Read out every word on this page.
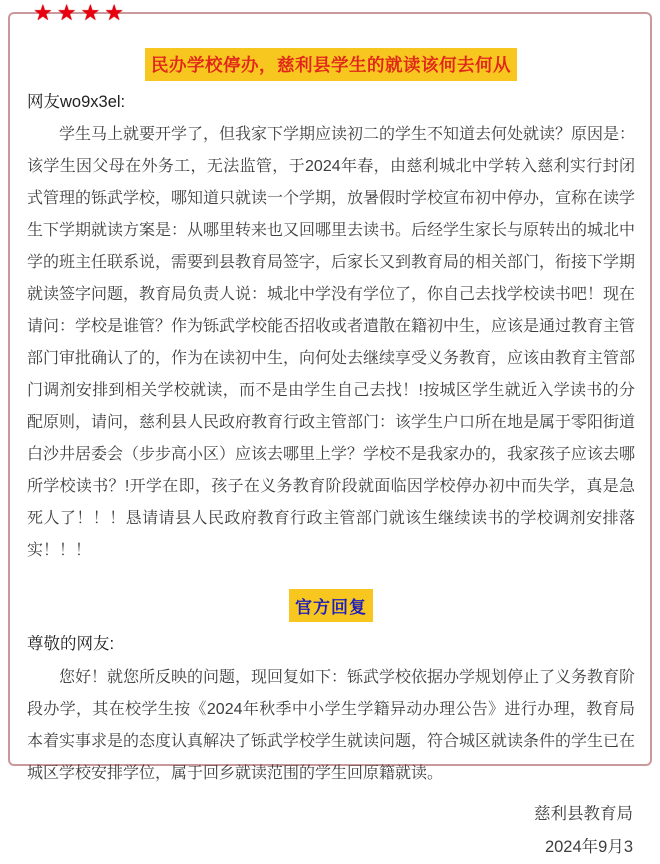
★★★★
民办学校停办，慈利县学生的就读该何去何从
网友wo9x3el:

学生马上就要开学了，但我家下学期应读初二的学生不知道去何处就读？原因是：该学生因父母在外务工，无法监管，于2024年春，由慈利城北中学转入慈利实行封闭式管理的铄武学校，哪知道只就读一个学期，放暑假时学校宣布初中停办，宣称在读学生下学期就读方案是：从哪里转来也又回哪里去读书。后经学生家长与原转出的城北中学的班主任联系说，需要到县教育局签字，后家长又到教育局的相关部门，衔接下学期就读签字问题，教育局负责人说：城北中学没有学位了，你自己去找学校读书吧！现在请问：学校是谁管？作为铄武学校能否招收或者遣散在籍初中生，应该是通过教育主管部门审批确认了的，作为在读初中生，向何处去继续享受义务教育，应该由教育主管部门调剂安排到相关学校就读，而不是由学生自己去找！!按城区学生就近入学读书的分配原则，请问，慈利县人民政府教育行政主管部门：该学生户口所在地是属于零阳街道白沙井居委会（步步高小区）应该去哪里上学？学校不是我家办的，我家孩子应该去哪所学校读书？!开学在即，孩子在义务教育阶段就面临因学校停办初中而失学，真是急死人了！！！恳请请县人民政府教育行政主管部门就该生继续读书的学校调剂安排落实！！！

官方回复
尊敬的网友:

您好！就您所反映的问题，现回复如下：铄武学校依据办学规划停止了义务教育阶段办学，其在校学生按《2024年秋季中小学生学籍异动办理公告》进行办理，教育局本着实事求是的态度认真解决了铄武学校学生就读问题，符合城区就读条件的学生已在城区学校安排学位，属于回乡就读范围的学生回原籍就读。

慈利县教育局
2024年9月3
